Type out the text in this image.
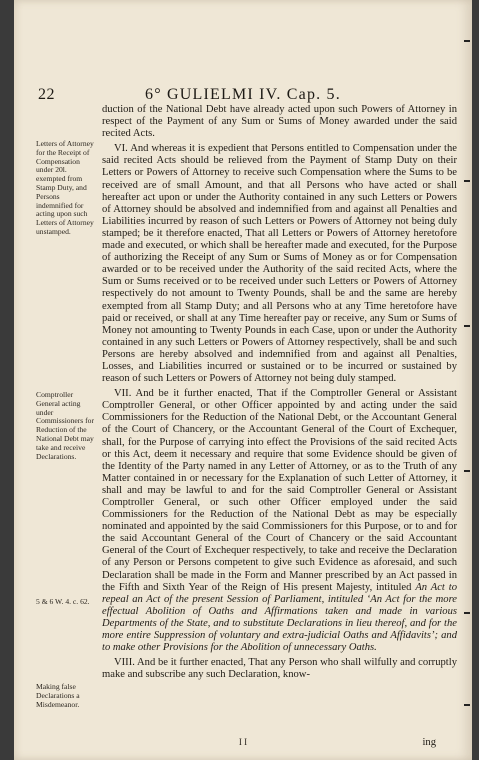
22	6° GULIELMI IV. Cap. 5.
Letters of Attorney for the Receipt of Compensation under 20l. exempted from Stamp Duty, and Persons indemnified for acting upon such Letters of Attorney unstamped.
Comptroller General acting under Commissioners for Reduction of the National Debt may take and receive Declarations.
5 & 6 W. 4. c. 62.
Making false Declarations a Misdemeanor.

duction of the National Debt have already acted upon such Powers of Attorney in respect of the Payment of any Sum or Sums of Money awarded under the said recited Acts.

VI. And whereas it is expedient that Persons entitled to Compensation under the said recited Acts should be relieved from the Payment of Stamp Duty on their Letters or Powers of Attorney to receive such Compensation where the Sums to be received are of small Amount, and that all Persons who have acted or shall hereafter act upon or under the Authority contained in any such Letters or Powers of Attorney should be absolved and indemnified from and against all Penalties and Liabilities incurred by reason of such Letters or Powers of Attorney not being duly stamped; be it therefore enacted, That all Letters or Powers of Attorney heretofore made and executed, or which shall be hereafter made and executed, for the Purpose of authorizing the Receipt of any Sum or Sums of Money as or for Compensation awarded or to be received under the Authority of the said recited Acts, where the Sum or Sums received or to be received under such Letters or Powers of Attorney respectively do not amount to Twenty Pounds, shall be and the same are hereby exempted from all Stamp Duty; and all Persons who at any Time heretofore have paid or received, or shall at any Time hereafter pay or receive, any Sum or Sums of Money not amounting to Twenty Pounds in each Case, upon or under the Authority contained in any such Letters or Powers of Attorney respectively, shall be and such Persons are hereby absolved and indemnified from and against all Penalties, Losses, and Liabilities incurred or sustained or to be incurred or sustained by reason of such Letters or Powers of Attorney not being duly stamped.

VII. And be it further enacted, That if the Comptroller General or Assistant Comptroller General, or other Officer appointed by and acting under the said Commissioners for the Reduction of the National Debt, or the Accountant General of the Court of Chancery, or the Accountant General of the Court of Exchequer, shall, for the Purpose of carrying into effect the Provisions of the said recited Acts or this Act, deem it necessary and require that some Evidence should be given of the Identity of the Party named in any Letter of Attorney, or as to the Truth of any Matter contained in or necessary for the Explanation of such Letter of Attorney, it shall and may be lawful to and for the said Comptroller General or Assistant Comptroller General, or such other Officer employed under the said Commissioners for the Reduction of the National Debt as may be especially nominated and appointed by the said Commissioners for this Purpose, or to and for the said Accountant General of the Court of Chancery or the said Accountant General of the Court of Exchequer respectively, to take and receive the Declaration of any Person or Persons competent to give such Evidence as aforesaid, and such Declaration shall be made in the Form and Manner prescribed by an Act passed in the Fifth and Sixth Year of the Reign of His present Majesty, intituled An Act to repeal an Act of the present Session of Parliament, intituled ‘An Act for the more effectual Abolition of Oaths and Affirmations taken and made in various Departments of the State, and to substitute Declarations in lieu thereof, and for the more entire Suppression of voluntary and extra-judicial Oaths and Affidavits’; and to make other Provisions for the Abolition of unnecessary Oaths.

VIII. And be it further enacted, That any Person who shall wilfully and corruptly make and subscribe any such Declaration, know-

I I	ing
